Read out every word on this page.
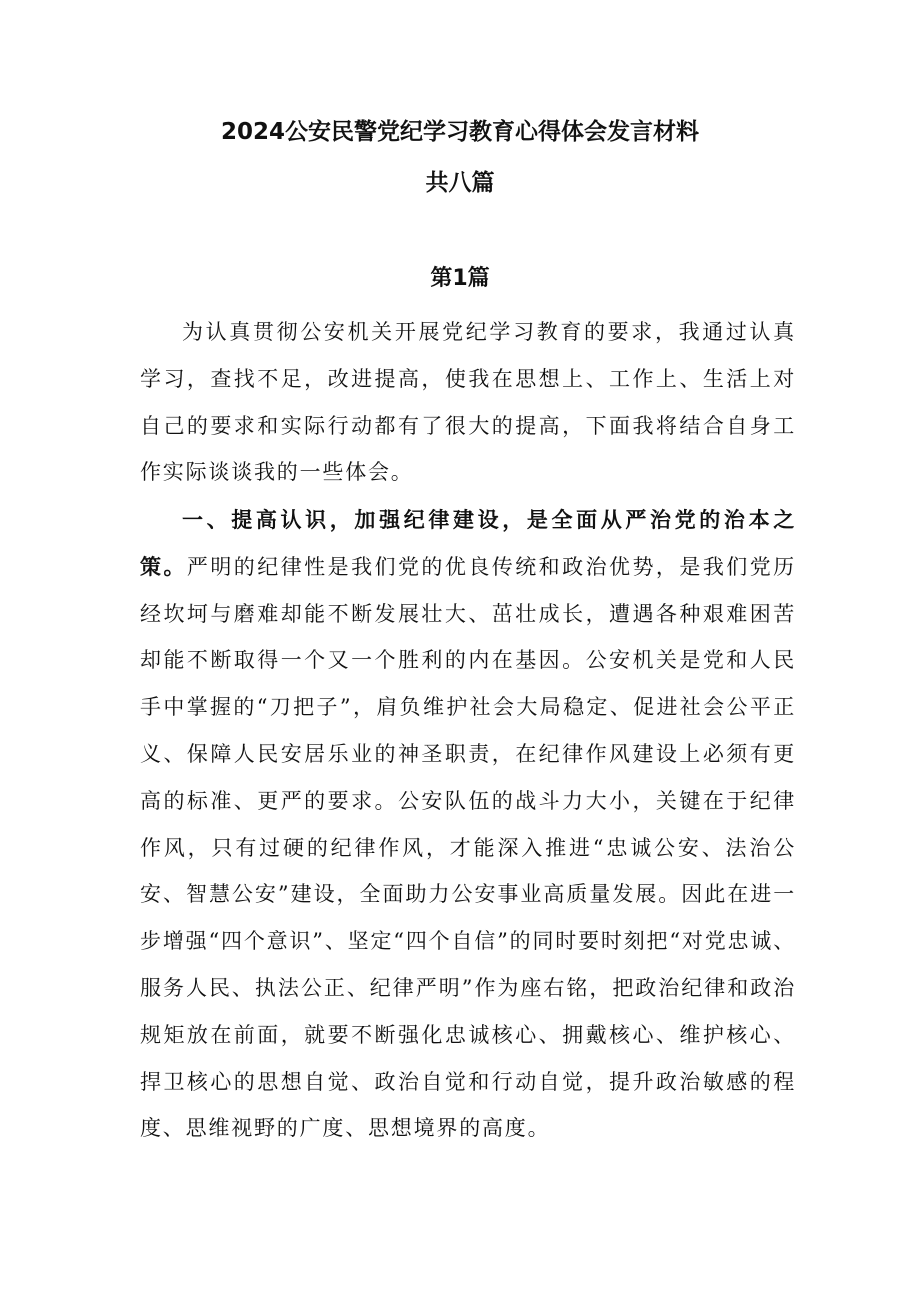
2024公安民警党纪学习教育心得体会发言材料
共八篇
第1篇

为认真贯彻公安机关开展党纪学习教育的要求，我通过认真学习，查找不足，改进提高，使我在思想上、工作上、生活上对自己的要求和实际行动都有了很大的提高，下面我将结合自身工作实际谈谈我的一些体会。

一、提高认识，加强纪律建设，是全面从严治党的治本之策。严明的纪律性是我们党的优良传统和政治优势，是我们党历经坎坷与磨难却能不断发展壮大、茁壮成长，遭遇各种艰难困苦却能不断取得一个又一个胜利的内在基因。公安机关是党和人民手中掌握的“刀把子”，肩负维护社会大局稳定、促进社会公平正义、保障人民安居乐业的神圣职责，在纪律作风建设上必须有更高的标准、更严的要求。公安队伍的战斗力大小，关键在于纪律作风，只有过硬的纪律作风，才能深入推进“忠诚公安、法治公安、智慧公安”建设，全面助力公安事业高质量发展。因此在进一步增强“四个意识”、坚定“四个自信”的同时要时刻把“对党忠诚、服务人民、执法公正、纪律严明”作为座右铭，把政治纪律和政治规矩放在前面，就要不断强化忠诚核心、拥戴核心、维护核心、捍卫核心的思想自觉、政治自觉和行动自觉，提升政治敏感的程度、思维视野的广度、思想境界的高度。
